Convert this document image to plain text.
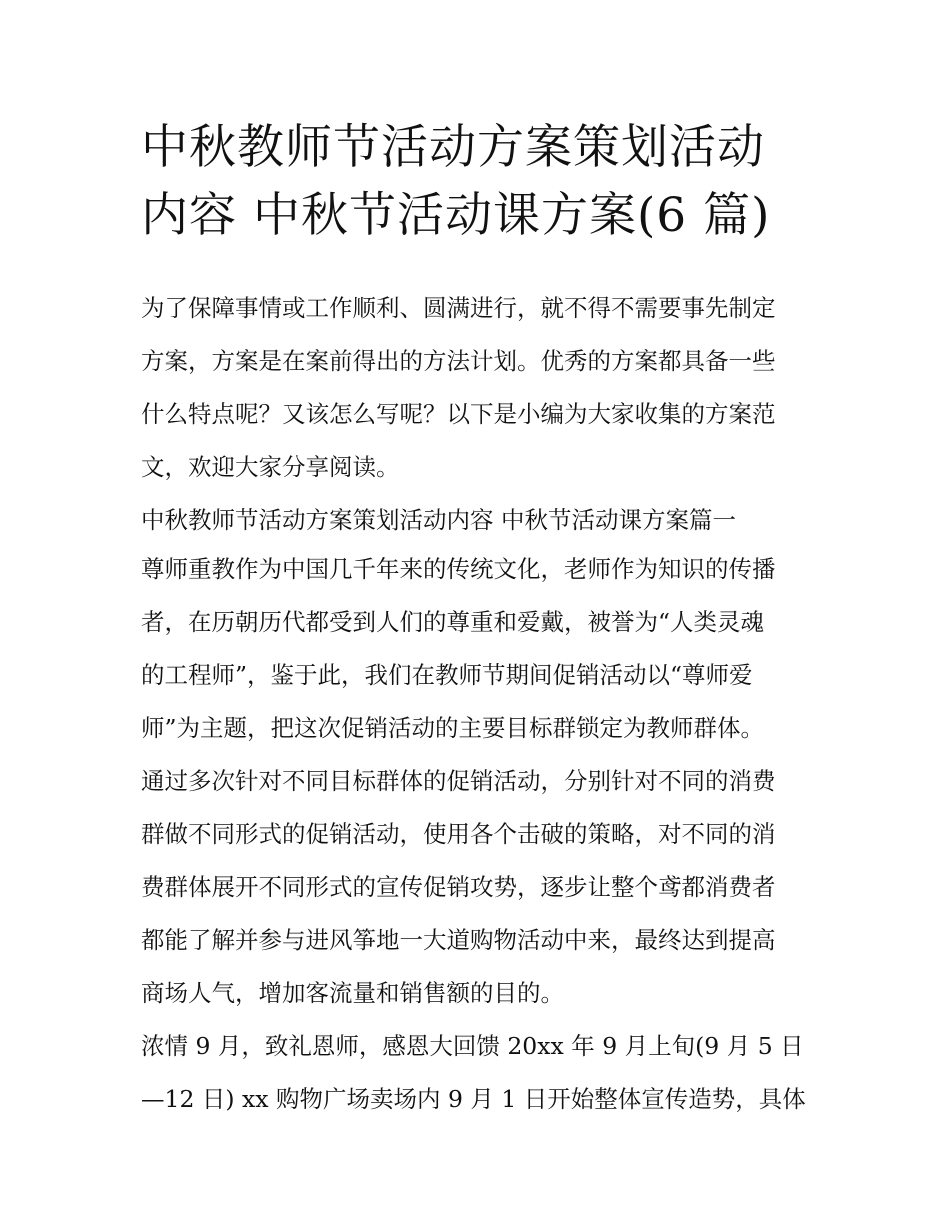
中秋教师节活动方案策划活动
内容 中秋节活动课方案(6 篇)
为了保障事情或工作顺利、圆满进行，就不得不需要事先制定
方案，方案是在案前得出的方法计划。优秀的方案都具备一些
什么特点呢？又该怎么写呢？以下是小编为大家收集的方案范
文，欢迎大家分享阅读。
中秋教师节活动方案策划活动内容 中秋节活动课方案篇一
尊师重教作为中国几千年来的传统文化，老师作为知识的传播
者，在历朝历代都受到人们的尊重和爱戴，被誉为“人类灵魂
的工程师”，鉴于此，我们在教师节期间促销活动以“尊师爱
师”为主题，把这次促销活动的主要目标群锁定为教师群体。
通过多次针对不同目标群体的促销活动，分别针对不同的消费
群做不同形式的促销活动，使用各个击破的策略，对不同的消
费群体展开不同形式的宣传促销攻势，逐步让整个鸢都消费者
都能了解并参与进风筝地一大道购物活动中来，最终达到提高
商场人气，增加客流量和销售额的目的。
浓情 9 月，致礼恩师，感恩大回馈 20xx 年 9 月上旬(9 月 5 日
—12 日) xx 购物广场卖场内 9 月 1 日开始整体宣传造势，具体
